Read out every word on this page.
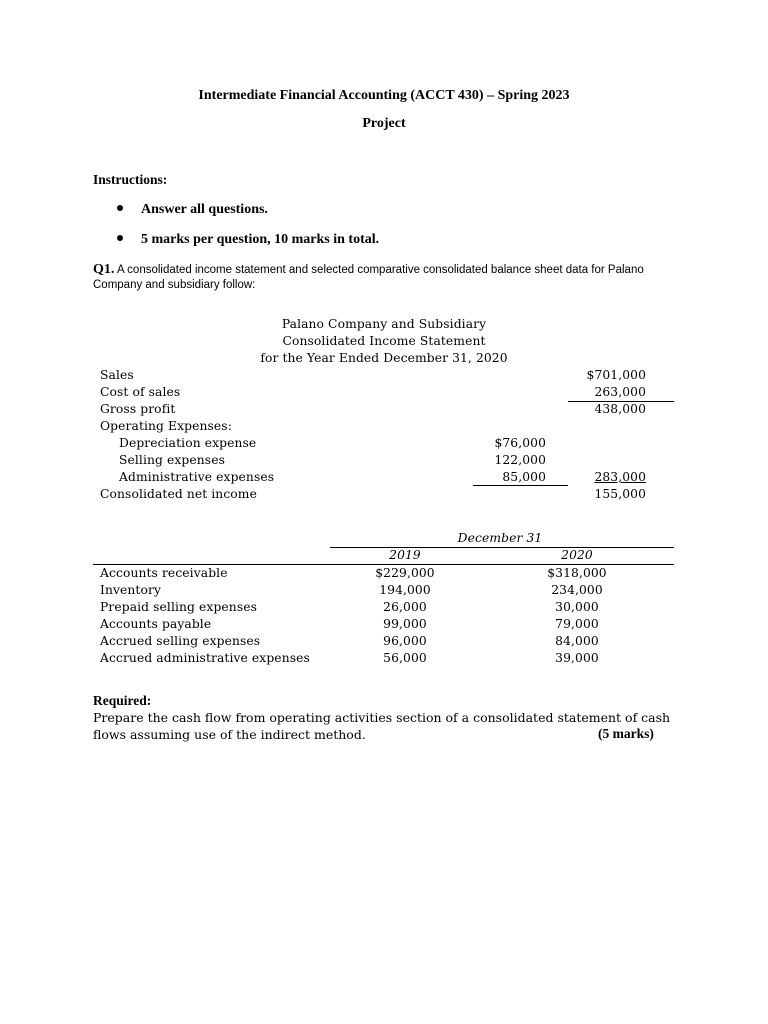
Intermediate Financial Accounting (ACCT 430) – Spring 2023
Project
Instructions:
Answer all questions.
5 marks per question, 10 marks in total.
Q1. A consolidated income statement and selected comparative consolidated balance sheet data for Palano Company and subsidiary follow:
Palano Company and Subsidiary
Consolidated Income Statement
for the Year Ended December 31, 2020
Sales	$701,000
Cost of sales	263,000
Gross profit	438,000
Operating Expenses:
Depreciation expense	$76,000
Selling expenses	122,000
Administrative expenses	85,000	283,000
Consolidated net income	155,000
December 31
2019	2020
Accounts receivable	$229,000	$318,000
Inventory	194,000	234,000
Prepaid selling expenses	26,000	30,000
Accounts payable	99,000	79,000
Accrued selling expenses	96,000	84,000
Accrued administrative expenses	56,000	39,000
Required:
Prepare the cash flow from operating activities section of a consolidated statement of cash
flows assuming use of the indirect method.	(5 marks)
